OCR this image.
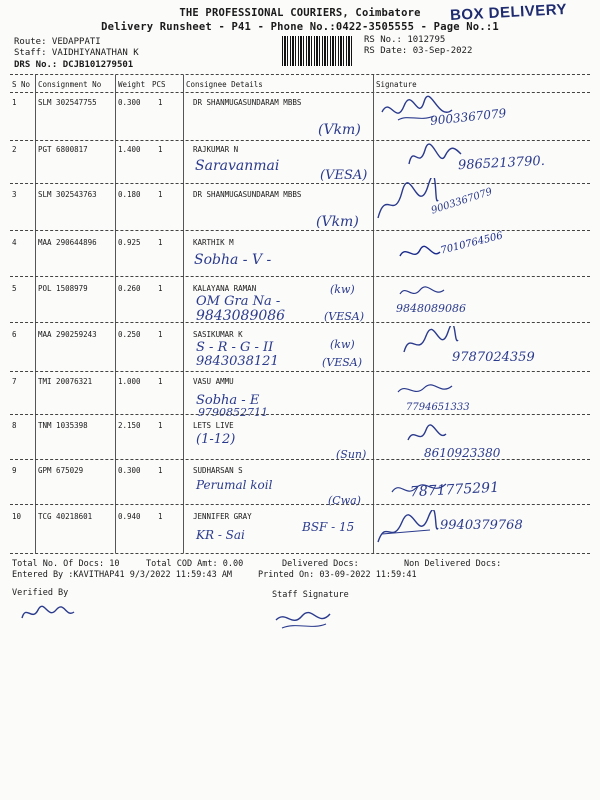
THE PROFESSIONAL COURIERS, Coimbatore
Delivery Runsheet - P41 - Phone No.:0422-3505555 - Page No.:1
BOX DELIVERY
Route: VEDAPPATI
Staff: VAIDHIYANATHAN K
DRS No.: DCJB101279501
RS No.: 1012795
RS Date: 03-Sep-2022
S No Consignment No Weight PCS	Consignee Details	Signature
1	SLM 302547755	0.300 1	DR SHANMUGASUNDARAM MBBS
(Vkm)
9003367079
2	PGT 6800817	1.400 1	RAJKUMAR N
Saravanmai
(VESA)
9865213790.
3	SLM 302543763	0.180 1	DR SHANMUGASUNDARAM MBBS
(Vkm)
9003367079
4	MAA 290644896	0.925 1	KARTHIK M
Sobha - V -
7010764506
5	POL 1508979	0.260 1	KALAYANA RAMAN
OM Gra Na -
(kw)
9843089086	(VESA)
9848089086
6	MAA 290259243	0.250 1	SASIKUMAR K
S - R - G - II	(kw)
9843038121	(VESA)	9787024359
7	TMI 20076321	1.000 1	VASU AMMU
Sobha - E
9790852711	7794651333
8	TNM 1035398	2.150 1	LETS LIVE
(1-12)
(Sun)	8610923380
9	GPM 675029	0.300 1	SUDHARSAN S
Perumal koil
(Cwa)
7871775291
10 TCG 40218601	0.940 1	JENNIFER GRAY
KR - Sai
BSF - 15	9940379768
Total No. Of Docs: 10	Total COD Amt: 0.00	Delivered Docs:	Non Delivered Docs:
Entered By :KAVITHAP41 9/3/2022 11:59:43 AM	Printed On: 03-09-2022 11:59:41
Verified By	Staff Signature
